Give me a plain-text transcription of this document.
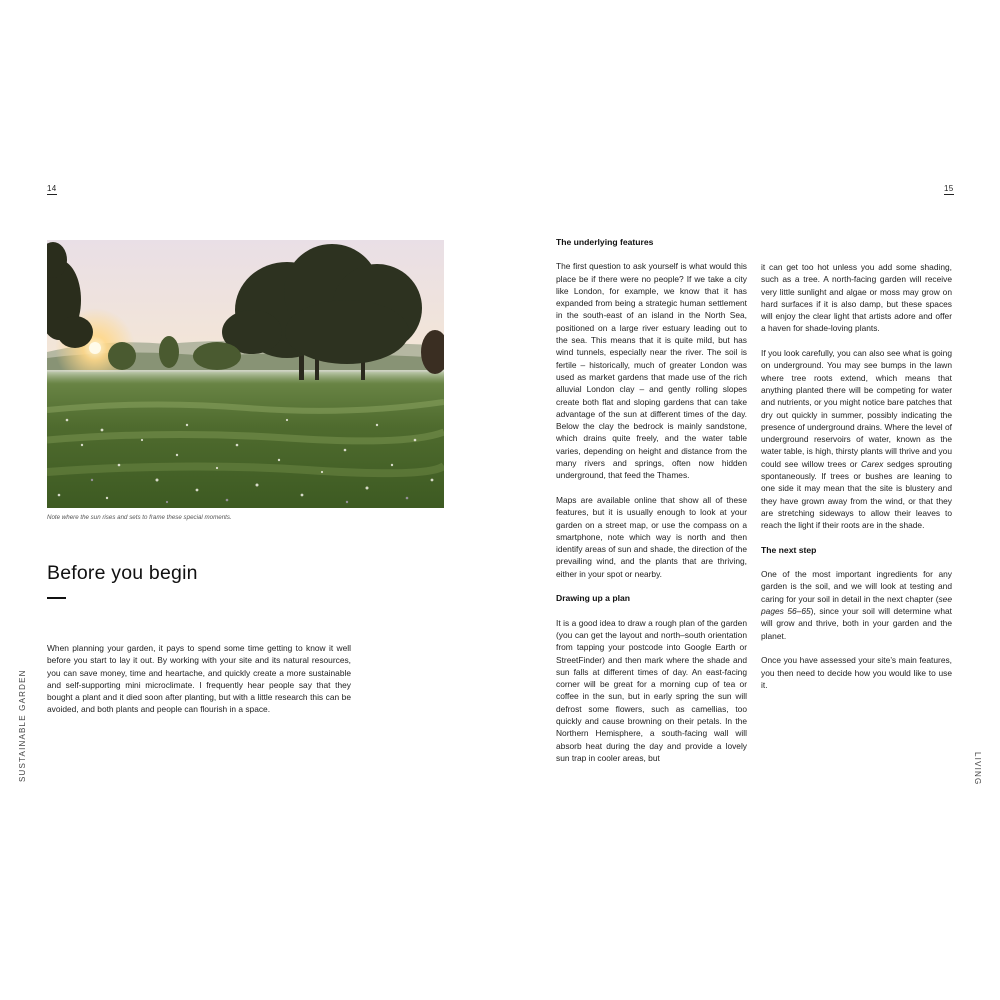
14
SUSTAINABLE GARDEN
Note where the sun rises and sets to frame these special moments.
Before you begin

When planning your garden, it pays to spend some time getting to know it well before you start to lay it out. By working with your site and its natural resources, you can save money, time and heartache, and quickly create a more sustainable and self-supporting mini microclimate. I frequently hear people say that they bought a plant and it died soon after planting, but with a little research this can be avoided, and both plants and people can flourish in a space.

15
LIVING
The underlying features

The first question to ask yourself is what would this place be if there were no people? If we take a city like London, for example, we know that it has expanded from being a strategic human settlement in the south-east of an island in the North Sea, positioned on a large river estuary leading out to the sea. This means that it is quite mild, but has wind tunnels, especially near the river. The soil is fertile – historically, much of greater London was used as market gardens that made use of the rich alluvial London clay – and gently rolling slopes create both flat and sloping gardens that can take advantage of the sun at different times of the day. Below the clay the bedrock is mainly sandstone, which drains quite freely, and the water table varies, depending on height and distance from the many rivers and springs, often now hidden underground, that feed the Thames.

Maps are available online that show all of these features, but it is usually enough to look at your garden on a street map, or use the compass on a smartphone, note which way is north and then identify areas of sun and shade, the direction of the prevailing wind, and the plants that are thriving, either in your spot or nearby.

Drawing up a plan

It is a good idea to draw a rough plan of the garden (you can get the layout and north–south orientation from tapping your postcode into Google Earth or StreetFinder) and then mark where the shade and sun falls at different times of day. An east-facing corner will be great for a morning cup of tea or coffee in the sun, but in early spring the sun will defrost some flowers, such as camellias, too quickly and cause browning on their petals. In the Northern Hemisphere, a south-facing wall will absorb heat during the day and provide a lovely sun trap in cooler areas, but

it can get too hot unless you add some shading, such as a tree. A north-facing garden will receive very little sunlight and algae or moss may grow on hard surfaces if it is also damp, but these spaces will enjoy the clear light that artists adore and offer a haven for shade-loving plants.

If you look carefully, you can also see what is going on underground. You may see bumps in the lawn where tree roots extend, which means that anything planted there will be competing for water and nutrients, or you might notice bare patches that dry out quickly in summer, possibly indicating the presence of underground drains. Where the level of underground reservoirs of water, known as the water table, is high, thirsty plants will thrive and you could see willow trees or Carex sedges sprouting spontaneously. If trees or bushes are leaning to one side it may mean that the site is blustery and they have grown away from the wind, or that they are stretching sideways to allow their leaves to reach the light if their roots are in the shade.

The next step

One of the most important ingredients for any garden is the soil, and we will look at testing and caring for your soil in detail in the next chapter (see pages 56–65), since your soil will determine what will grow and thrive, both in your garden and the planet.

Once you have assessed your site’s main features, you then need to decide how you would like to use it.
